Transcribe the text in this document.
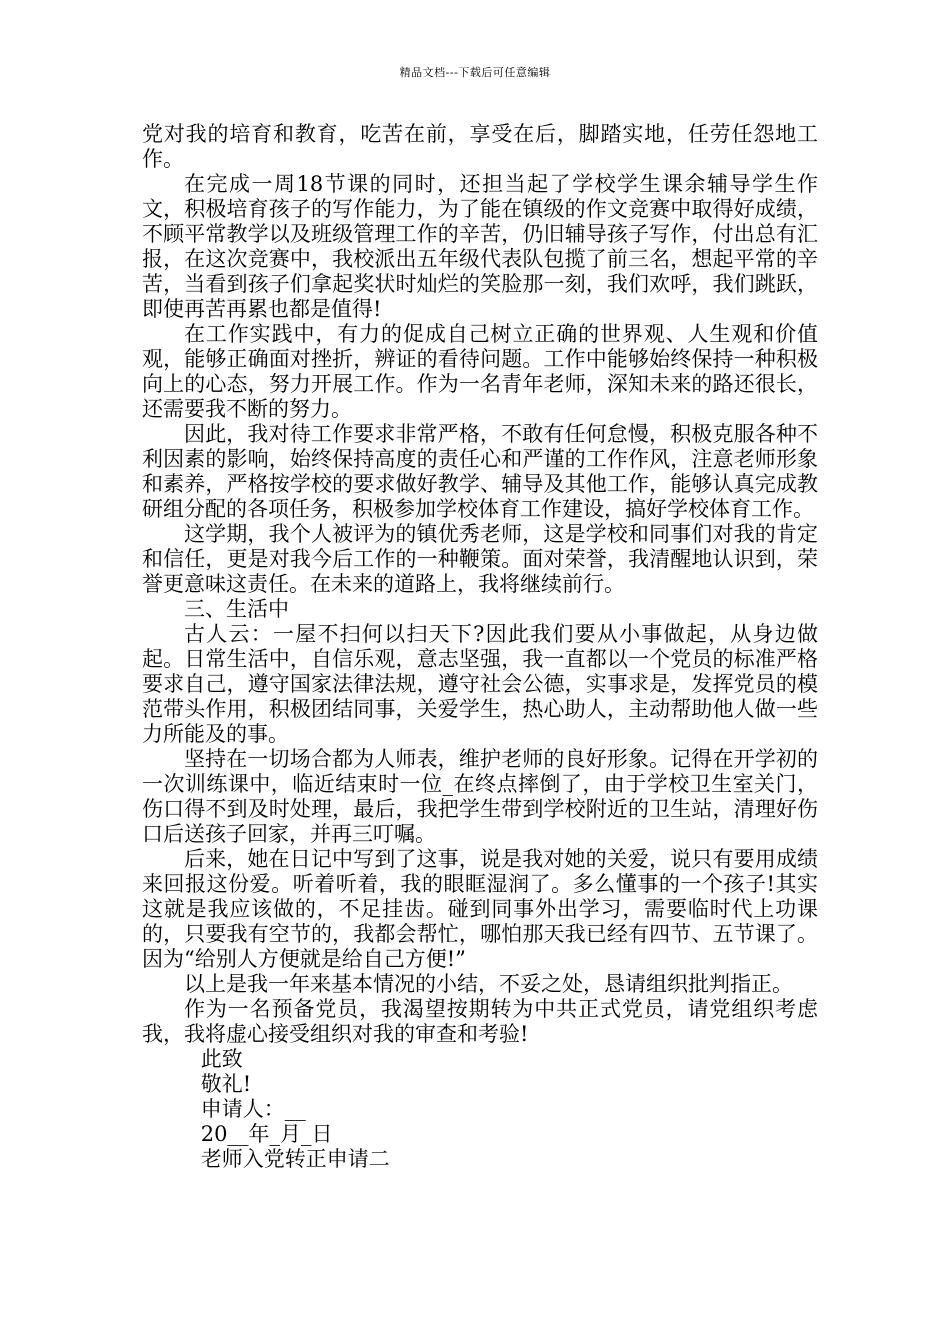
精品文档---下载后可任意编辑

党对我的培育和教育，吃苦在前，享受在后，脚踏实地，任劳任怨地工作。

在完成一周18节课的同时，还担当起了学校学生课余辅导学生作文，积极培育孩子的写作能力，为了能在镇级的作文竞赛中取得好成绩，不顾平常教学以及班级管理工作的辛苦，仍旧辅导孩子写作，付出总有汇报，在这次竞赛中，我校派出五年级代表队包揽了前三名，想起平常的辛苦，当看到孩子们拿起奖状时灿烂的笑脸那一刻，我们欢呼，我们跳跃，即使再苦再累也都是值得!

在工作实践中，有力的促成自己树立正确的世界观、人生观和价值观，能够正确面对挫折，辨证的看待问题。工作中能够始终保持一种积极向上的心态，努力开展工作。作为一名青年老师，深知未来的路还很长，还需要我不断的努力。

因此，我对待工作要求非常严格，不敢有任何怠慢，积极克服各种不利因素的影响，始终保持高度的责任心和严谨的工作作风，注意老师形象和素养，严格按学校的要求做好教学、辅导及其他工作，能够认真完成教研组分配的各项任务，积极参加学校体育工作建设，搞好学校体育工作。

这学期，我个人被评为的镇优秀老师，这是学校和同事们对我的肯定和信任，更是对我今后工作的一种鞭策。面对荣誉，我清醒地认识到，荣誉更意味这责任。在未来的道路上，我将继续前行。

三、生活中

古人云：一屋不扫何以扫天下?因此我们要从小事做起，从身边做起。日常生活中，自信乐观，意志坚强，我一直都以一个党员的标准严格要求自己，遵守国家法律法规，遵守社会公德，实事求是，发挥党员的模范带头作用，积极团结同事，关爱学生，热心助人，主动帮助他人做一些力所能及的事。

坚持在一切场合都为人师表，维护老师的良好形象。记得在开学初的一次训练课中，临近结束时一位_在终点摔倒了，由于学校卫生室关门，伤口得不到及时处理，最后，我把学生带到学校附近的卫生站，清理好伤口后送孩子回家，并再三叮嘱。

后来，她在日记中写到了这事，说是我对她的关爱，说只有要用成绩来回报这份爱。听着听着，我的眼眶湿润了。多么懂事的一个孩子!其实这就是我应该做的，不足挂齿。碰到同事外出学习，需要临时代上功课的，只要我有空节的，我都会帮忙，哪怕那天我已经有四节、五节课了。因为“给别人方便就是给自己方便!”

以上是我一年来基本情况的小结，不妥之处，恳请组织批判指正。

作为一名预备党员，我渴望按期转为中共正式党员，请党组织考虑我，我将虚心接受组织对我的审查和考验!

此致

敬礼!

申请人：__

20__年_月_日

老师入党转正申请二
